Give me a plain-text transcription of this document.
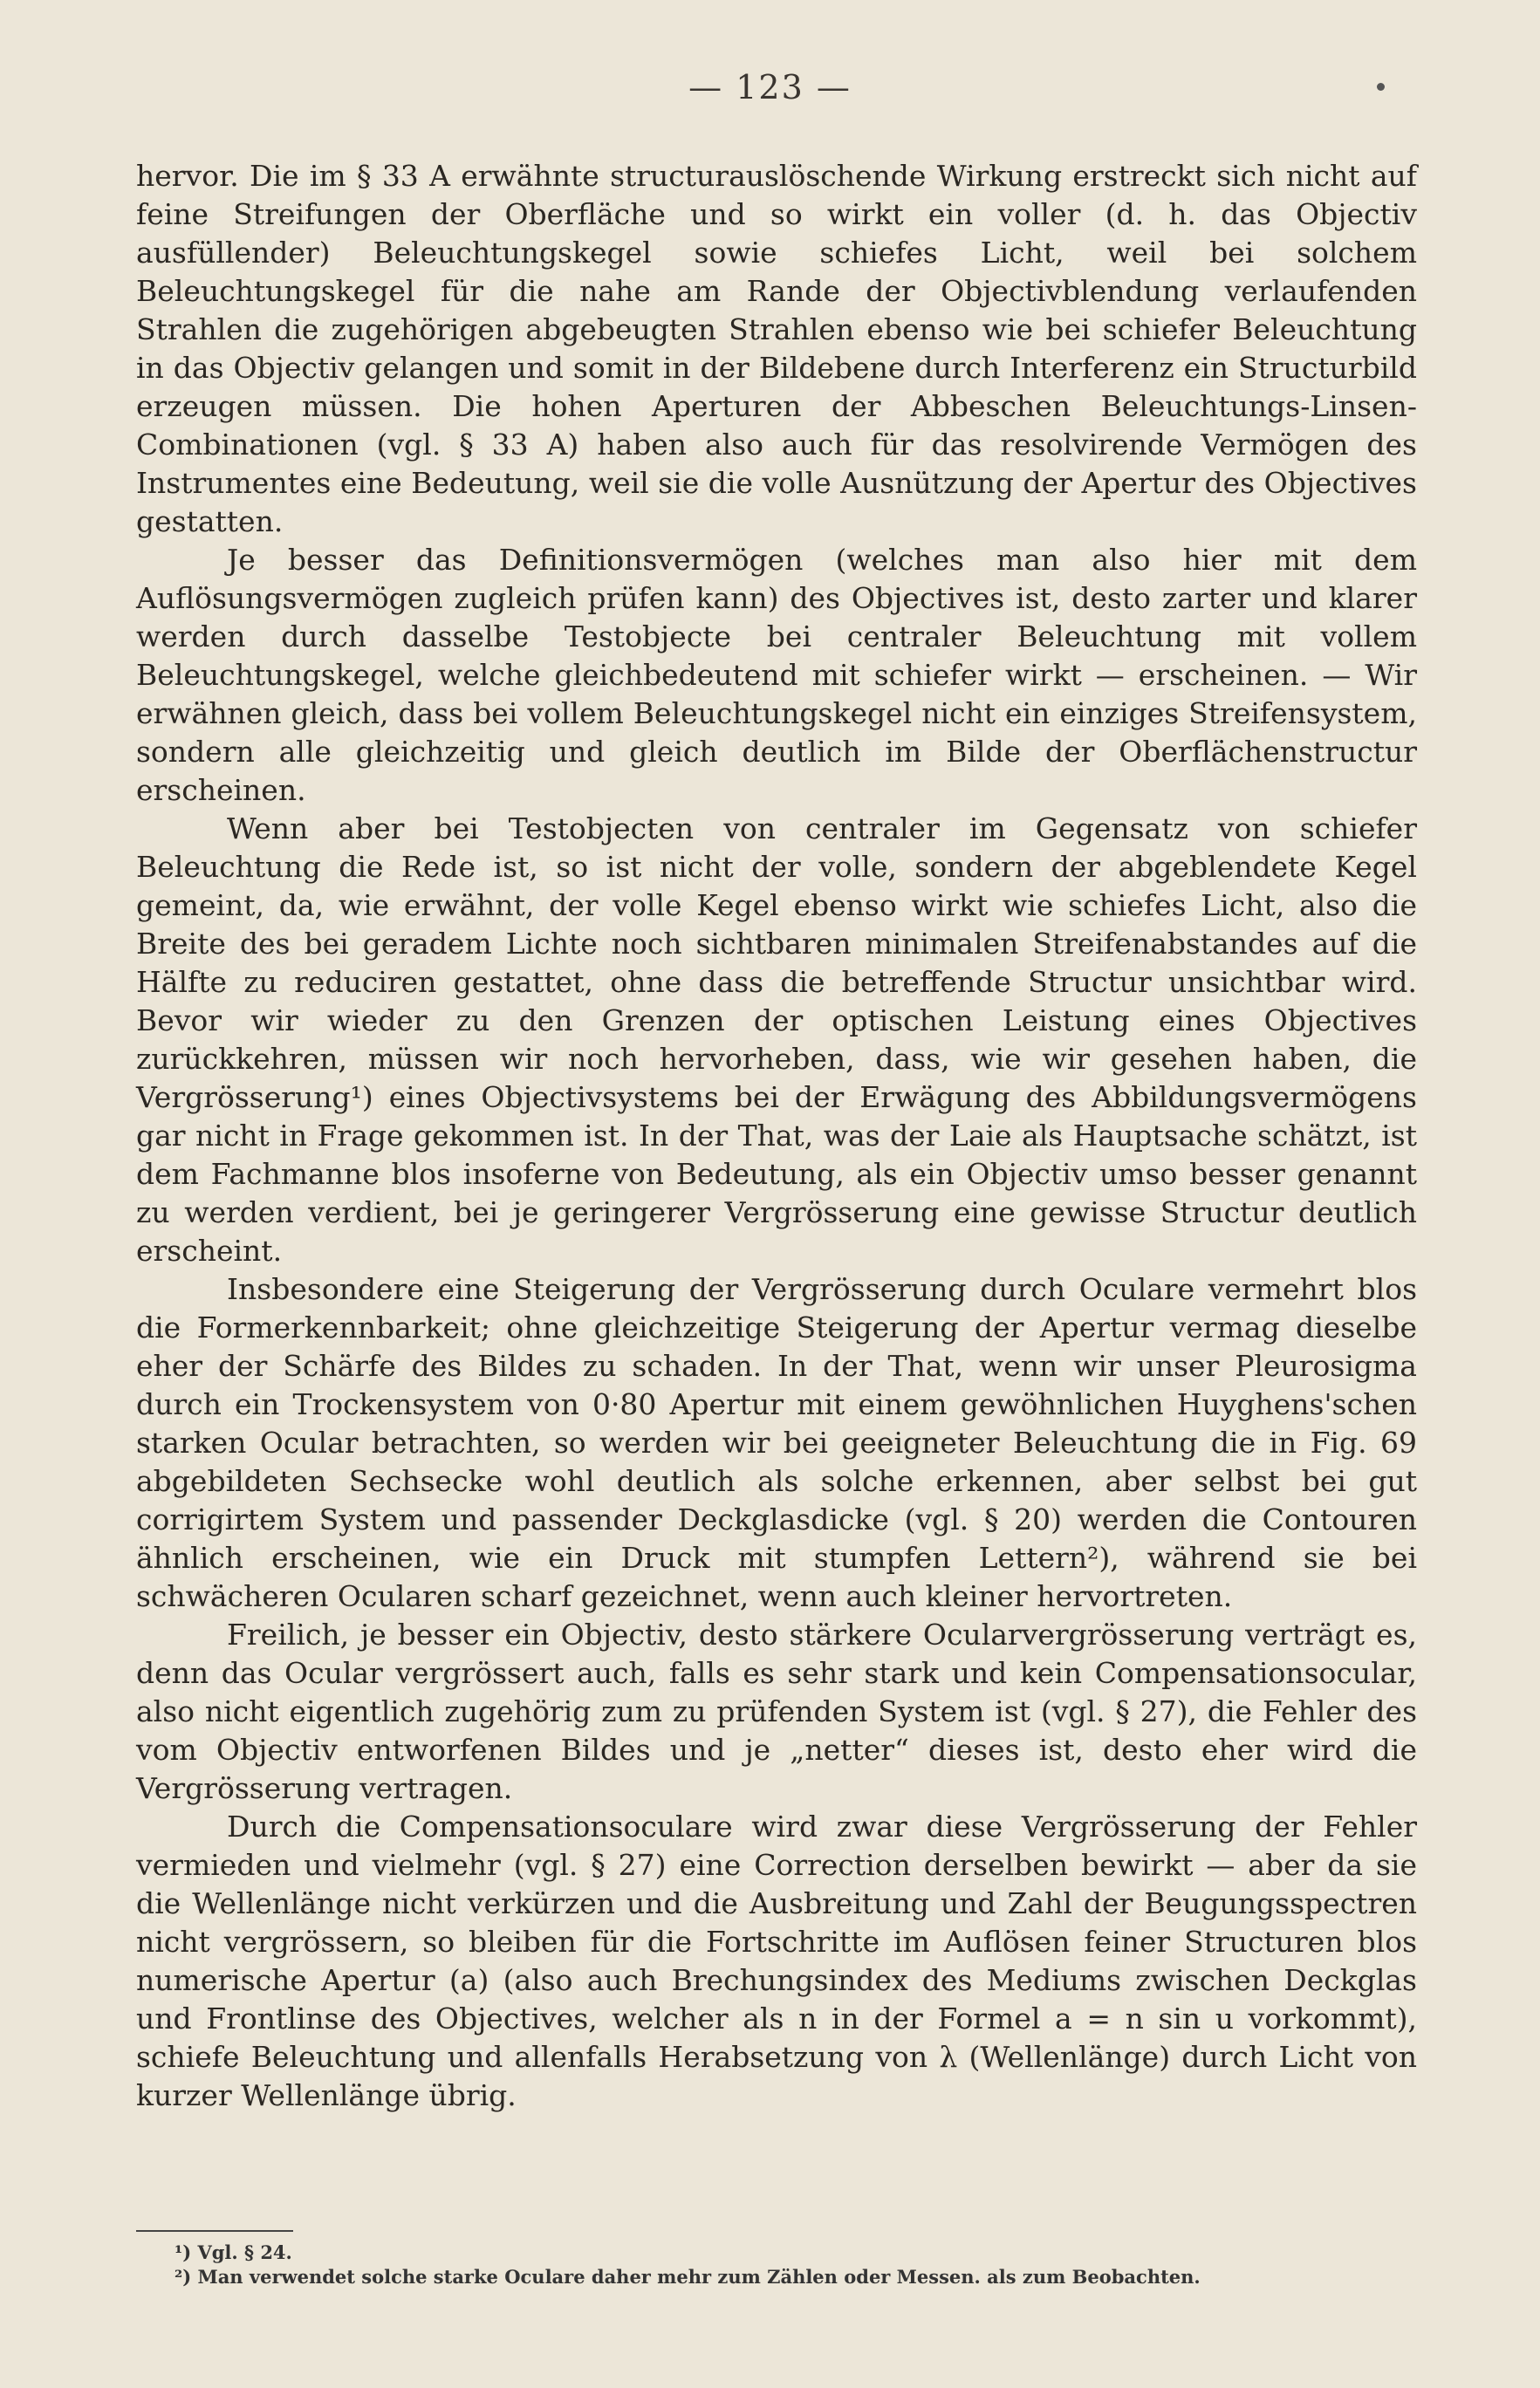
— 123 —

hervor. Die im § 33 A erwähnte structurauslöschende Wirkung erstreckt sich nicht auf feine Streifungen der Oberfläche und so wirkt ein voller (d. h. das Objectiv ausfüllender) Beleuchtungskegel sowie schiefes Licht, weil bei solchem Beleuchtungskegel für die nahe am Rande der Objectivblendung verlaufenden Strahlen die zugehörigen abgebeugten Strahlen ebenso wie bei schiefer Beleuchtung in das Objectiv gelangen und somit in der Bildebene durch Interferenz ein Structurbild erzeugen müssen. Die hohen Aperturen der Abbeschen Beleuchtungs-Linsen-Combinationen (vgl. § 33 A) haben also auch für das resolvirende Vermögen des Instrumentes eine Bedeutung, weil sie die volle Ausnützung der Apertur des Objectives gestatten.

Je besser das Definitionsvermögen (welches man also hier mit dem Auflösungsvermögen zugleich prüfen kann) des Objectives ist, desto zarter und klarer werden durch dasselbe Testobjecte bei centraler Beleuchtung mit vollem Beleuchtungskegel, welche gleichbedeutend mit schiefer wirkt — erscheinen. — Wir erwähnen gleich, dass bei vollem Beleuchtungskegel nicht ein einziges Streifensystem, sondern alle gleichzeitig und gleich deutlich im Bilde der Oberflächenstructur erscheinen.

Wenn aber bei Testobjecten von centraler im Gegensatz von schiefer Beleuchtung die Rede ist, so ist nicht der volle, sondern der abgeblendete Kegel gemeint, da, wie erwähnt, der volle Kegel ebenso wirkt wie schiefes Licht, also die Breite des bei geradem Lichte noch sichtbaren minimalen Streifenabstandes auf die Hälfte zu reduciren gestattet, ohne dass die betreffende Structur unsichtbar wird. Bevor wir wieder zu den Grenzen der optischen Leistung eines Objectives zurückkehren, müssen wir noch hervorheben, dass, wie wir gesehen haben, die Vergrösserung¹) eines Objectivsystems bei der Erwägung des Abbildungsvermögens gar nicht in Frage gekommen ist. In der That, was der Laie als Hauptsache schätzt, ist dem Fachmanne blos insoferne von Bedeutung, als ein Objectiv umso besser genannt zu werden verdient, bei je geringerer Vergrösserung eine gewisse Structur deutlich erscheint.

Insbesondere eine Steigerung der Vergrösserung durch Oculare vermehrt blos die Formerkennbarkeit; ohne gleichzeitige Steigerung der Apertur vermag dieselbe eher der Schärfe des Bildes zu schaden. In der That, wenn wir unser Pleurosigma durch ein Trockensystem von 0·80 Apertur mit einem gewöhnlichen Huyghens'schen starken Ocular betrachten, so werden wir bei geeigneter Beleuchtung die in Fig. 69 abgebildeten Sechsecke wohl deutlich als solche erkennen, aber selbst bei gut corrigirtem System und passender Deckglasdicke (vgl. § 20) werden die Contouren ähnlich erscheinen, wie ein Druck mit stumpfen Lettern²), während sie bei schwächeren Ocularen scharf gezeichnet, wenn auch kleiner hervortreten.

Freilich, je besser ein Objectiv, desto stärkere Ocularvergrösserung verträgt es, denn das Ocular vergrössert auch, falls es sehr stark und kein Compensationsocular, also nicht eigentlich zugehörig zum zu prüfenden System ist (vgl. § 27), die Fehler des vom Objectiv entworfenen Bildes und je „netter“ dieses ist, desto eher wird die Vergrösserung vertragen.

Durch die Compensationsoculare wird zwar diese Vergrösserung der Fehler vermieden und vielmehr (vgl. § 27) eine Correction derselben bewirkt — aber da sie die Wellenlänge nicht verkürzen und die Ausbreitung und Zahl der Beugungsspectren nicht vergrössern, so bleiben für die Fortschritte im Auflösen feiner Structuren blos numerische Apertur (a) (also auch Brechungsindex des Mediums zwischen Deckglas und Frontlinse des Objectives, welcher als n in der Formel a = n sin u vorkommt), schiefe Beleuchtung und allenfalls Herabsetzung von λ (Wellenlänge) durch Licht von kurzer Wellenlänge übrig.

¹) Vgl. § 24.
²) Man verwendet solche starke Oculare daher mehr zum Zählen oder Messen. als zum Beobachten.
